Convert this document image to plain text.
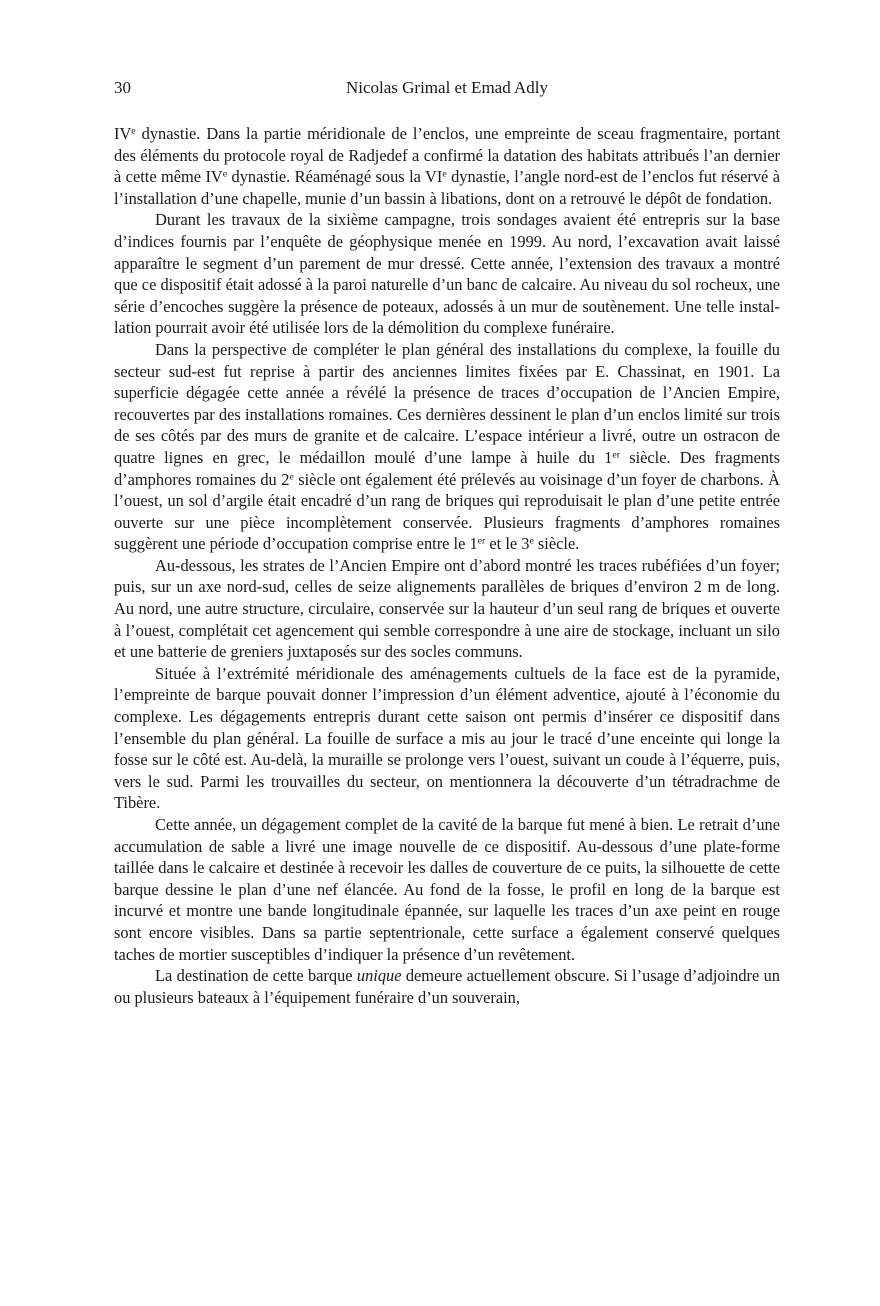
30	Nicolas Grimal et Emad Adly

IVe dynastie. Dans la partie méridionale de l’enclos, une empreinte de sceau fragmentaire, portant des éléments du protocole royal de Radjedef a confirmé la datation des habitats attribués l’an dernier à cette même IVe dynastie. Réaménagé sous la VIe dynastie, l’angle nord-est de l’enclos fut réservé à l’installation d’une chapelle, munie d’un bassin à libations, dont on a retrouvé le dépôt de fondation.

Durant les travaux de la sixième campagne, trois sondages avaient été entrepris sur la base d’indices fournis par l’enquête de géophysique menée en 1999. Au nord, l’excavation avait laissé apparaître le segment d’un parement de mur dressé. Cette année, l’extension des travaux a montré que ce dispositif était adossé à la paroi naturelle d’un banc de calcaire. Au niveau du sol rocheux, une série d’encoches suggère la présence de poteaux, adossés à un mur de soutènement. Une telle installation pourrait avoir été utilisée lors de la démolition du complexe funéraire.

Dans la perspective de compléter le plan général des installations du complexe, la fouille du secteur sud-est fut reprise à partir des anciennes limites fixées par E. Chassinat, en 1901. La superficie dégagée cette année a révélé la présence de traces d’occupation de l’Ancien Empire, recouvertes par des installations romaines. Ces dernières dessinent le plan d’un enclos limité sur trois de ses côtés par des murs de granite et de calcaire. L’espace intérieur a livré, outre un ostracon de quatre lignes en grec, le médaillon moulé d’une lampe à huile du 1er siècle. Des fragments d’amphores romaines du 2e siècle ont également été prélevés au voisinage d’un foyer de charbons. À l’ouest, un sol d’argile était encadré d’un rang de briques qui reproduisait le plan d’une petite entrée ouverte sur une pièce incomplètement conservée. Plusieurs fragments d’amphores romaines suggèrent une période d’occupation comprise entre le 1er et le 3e siècle.

Au-dessous, les strates de l’Ancien Empire ont d’abord montré les traces rubéfiées d’un foyer; puis, sur un axe nord-sud, celles de seize alignements parallèles de briques d’environ 2 m de long. Au nord, une autre structure, circulaire, conservée sur la hauteur d’un seul rang de briques et ouverte à l’ouest, complétait cet agencement qui semble correspondre à une aire de stockage, incluant un silo et une batterie de greniers juxtaposés sur des socles communs.

Située à l’extrémité méridionale des aménagements cultuels de la face est de la pyramide, l’empreinte de barque pouvait donner l’impression d’un élément adventice, ajouté à l’économie du complexe. Les dégagements entrepris durant cette saison ont permis d’insérer ce dispositif dans l’ensemble du plan général. La fouille de surface a mis au jour le tracé d’une enceinte qui longe la fosse sur le côté est. Au-delà, la muraille se prolonge vers l’ouest, suivant un coude à l’équerre, puis, vers le sud. Parmi les trouvailles du secteur, on mentionnera la découverte d’un tétradrachme de Tibère.

Cette année, un dégagement complet de la cavité de la barque fut mené à bien. Le retrait d’une accumulation de sable a livré une image nouvelle de ce dispositif. Au-dessous d’une plate-forme taillée dans le calcaire et destinée à recevoir les dalles de couverture de ce puits, la silhouette de cette barque dessine le plan d’une nef élancée. Au fond de la fosse, le profil en long de la barque est incurvé et montre une bande longitudinale épannée, sur laquelle les traces d’un axe peint en rouge sont encore visibles. Dans sa partie septentrionale, cette surface a également conservé quelques taches de mortier susceptibles d’indiquer la présence d’un revêtement.

La destination de cette barque unique demeure actuellement obscure. Si l’usage d’adjoindre un ou plusieurs bateaux à l’équipement funéraire d’un souverain,
